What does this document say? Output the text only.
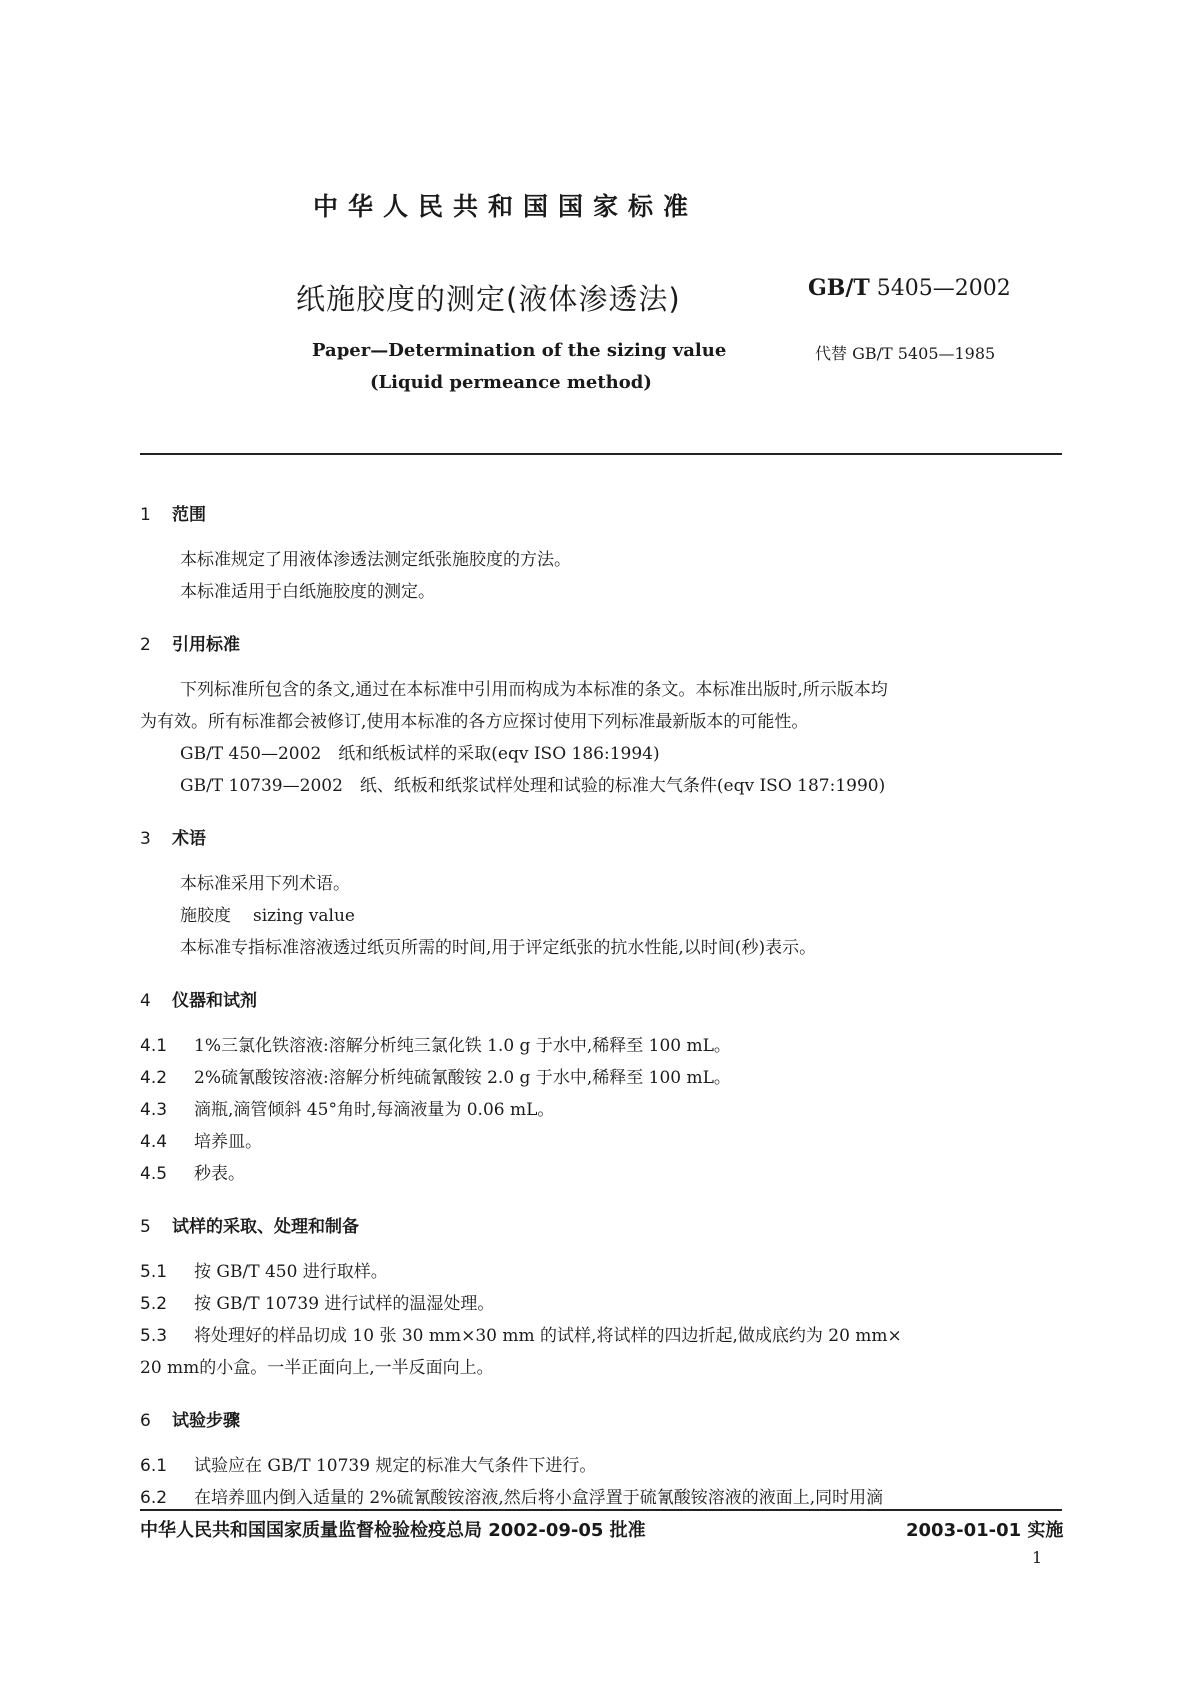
中华人民共和国国家标准
纸施胶度的测定(液体渗透法)	GB/T 5405—2002
Paper—Determination of the sizing value
(Liquid permeance method)
代替 GB/T 5405—1985

1 范围

本标准规定了用液体渗透法测定纸张施胶度的方法。

本标准适用于白纸施胶度的测定。

2 引用标准

下列标准所包含的条文,通过在本标准中引用而构成为本标准的条文。本标准出版时,所示版本均

为有效。所有标准都会被修订,使用本标准的各方应探讨使用下列标准最新版本的可能性。

GB/T 450—2002　纸和纸板试样的采取(eqv ISO 186:1994)

GB/T 10739—2002　纸、纸板和纸浆试样处理和试验的标准大气条件(eqv ISO 187:1990)

3 术语

本标准采用下列术语。

施胶度 sizing value

本标准专指标准溶液透过纸页所需的时间,用于评定纸张的抗水性能,以时间(秒)表示。

4 仪器和试剂

4.1 1%三氯化铁溶液:溶解分析纯三氯化铁 1.0 g 于水中,稀释至 100 mL。

4.2 2%硫氰酸铵溶液:溶解分析纯硫氰酸铵 2.0 g 于水中,稀释至 100 mL。

4.3 滴瓶,滴管倾斜 45°角时,每滴液量为 0.06 mL。

4.4 培养皿。

4.5 秒表。

5 试样的采取、处理和制备

5.1 按 GB/T 450 进行取样。

5.2 按 GB/T 10739 进行试样的温湿处理。

5.3 将处理好的样品切成 10 张 30 mm×30 mm 的试样,将试样的四边折起,做成底约为 20 mm×

20 mm的小盒。一半正面向上,一半反面向上。

6 试验步骤

6.1 试验应在 GB/T 10739 规定的标准大气条件下进行。

6.2 在培养皿内倒入适量的 2%硫氰酸铵溶液,然后将小盒浮置于硫氰酸铵溶液的液面上,同时用滴

中华人民共和国国家质量监督检验检疫总局 2002-09-05 批准	2003-01-01 实施
1
